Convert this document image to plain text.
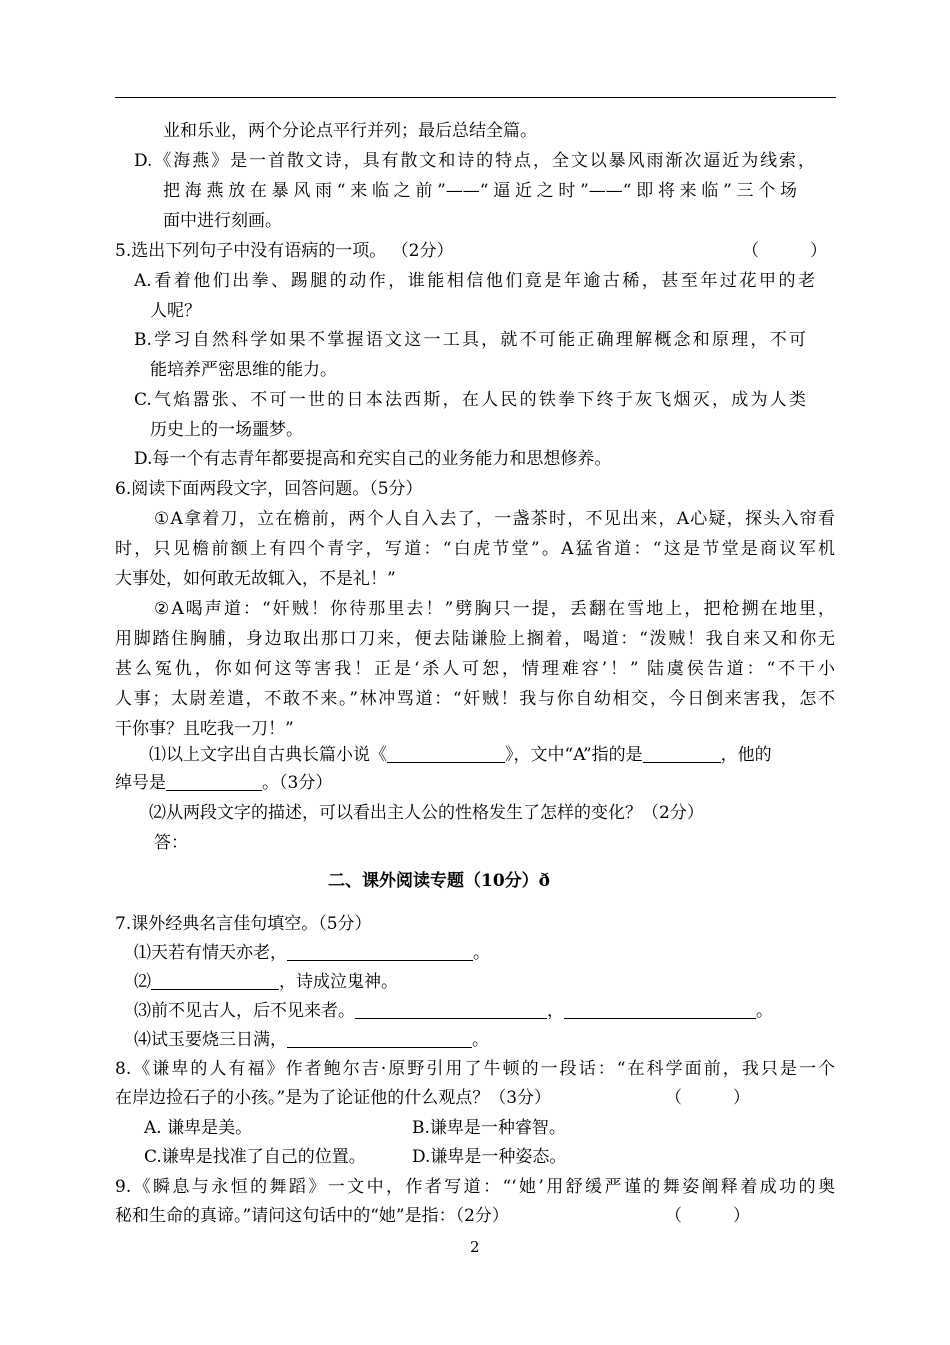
业和乐业，两个分论点平行并列；最后总结全篇。
D.《海燕》是一首散文诗，具有散文和诗的特点，全文以暴风雨渐次逼近为线索，
把海燕放在暴风雨“来临之前”——“逼近之时”——“即将来临”三个场
面中进行刻画。
5.选出下列句子中没有语病的一项。 （2分）	（　　　）
A.看着他们出拳、踢腿的动作，谁能相信他们竟是年逾古稀，甚至年过花甲的老
人呢？
B.学习自然科学如果不掌握语文这一工具，就不可能正确理解概念和原理，不可
能培养严密思维的能力。
C.气焰嚣张、不可一世的日本法西斯，在人民的铁拳下终于灰飞烟灭，成为人类
历史上的一场噩梦。
D.每一个有志青年都要提高和充实自己的业务能力和思想修养。
6.阅读下面两段文字，回答问题。（5分）
①A拿着刀，立在檐前，两个人自入去了，一盏茶时，不见出来，A心疑，探头入帘看
时，只见檐前额上有四个青字，写道：“白虎节堂”。A猛省道：“这是节堂是商议军机
大事处，如何敢无故辄入，不是礼！”
②A喝声道：“奸贼！你待那里去！”劈胸只一提，丢翻在雪地上，把枪搠在地里，
用脚踏住胸脯，身边取出那口刀来，便去陆谦脸上搁着，喝道：“泼贼！我自来又和你无
甚么冤仇，你如何这等害我！正是‘杀人可恕，情理难容’！” 陆虞侯告道：“不干小
人事；太尉差遣，不敢不来。”林冲骂道：“奸贼！我与你自幼相交，今日倒来害我，怎不
干你事？且吃我一刀！”
⑴以上文字出自古典长篇小说《	》，文中“A”指的是	，他的
绰号是	。（3分）
⑵从两段文字的描述，可以看出主人公的性格发生了怎样的变化？（2分）
答：
二、课外阅读专题（10分）ð
7.课外经典名言佳句填空。（5分）
⑴天若有情天亦老，	。
⑵	，诗成泣鬼神。
⑶前不见古人，后不见来者。	，	。
⑷试玉要烧三日满，	。
8.《谦卑的人有福》作者鲍尔吉·原野引用了牛顿的一段话：“在科学面前，我只是一个
在岸边捡石子的小孩。”是为了论证他的什么观点？（3分）	（　　　）
A. 谦卑是美。	B.谦卑是一种睿智。
C.谦卑是找准了自己的位置。	D.谦卑是一种姿态。
9.《瞬息与永恒的舞蹈》一文中，作者写道：“‘她’用舒缓严谨的舞姿阐释着成功的奥
秘和生命的真谛。”请问这句话中的“她”是指：（2分）	（　　　）
2
